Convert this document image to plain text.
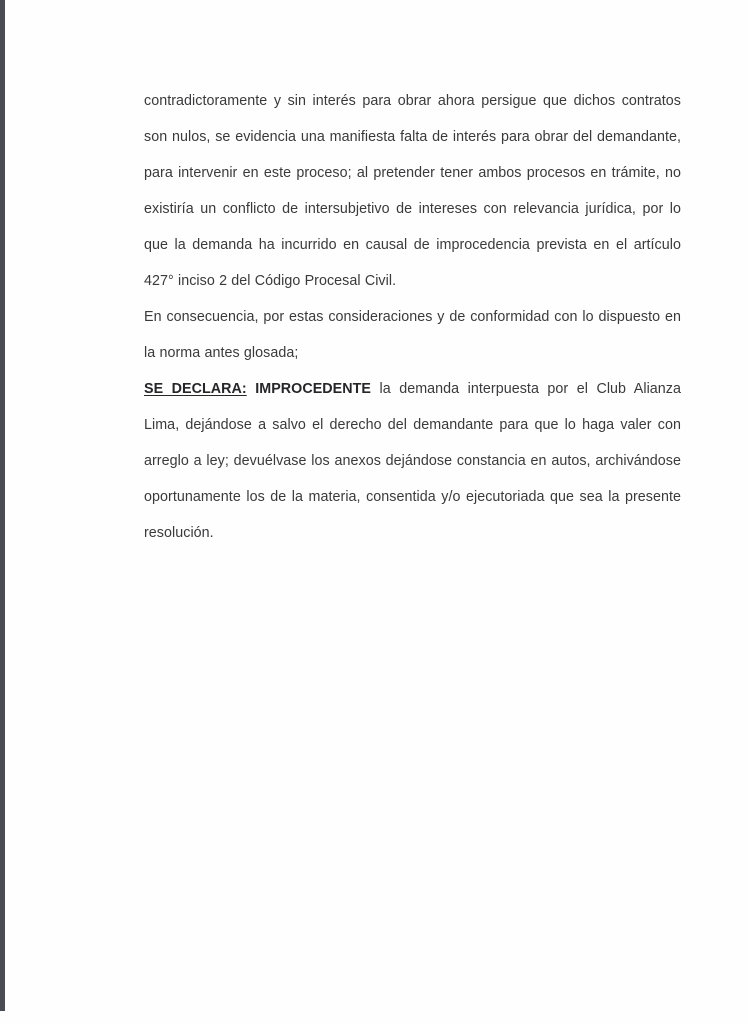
contradictoramente y sin interés para obrar ahora persigue que dichos contratos son nulos, se evidencia una manifiesta falta de interés para obrar del demandante, para intervenir en este proceso; al pretender tener ambos procesos en trámite, no existiría un conflicto de intersubjetivo de intereses con relevancia jurídica, por lo que la demanda ha incurrido en causal de improcedencia prevista en el artículo 427° inciso 2 del Código Procesal Civil.

En consecuencia, por estas consideraciones y de conformidad con lo dispuesto en la norma antes glosada;

SE DECLARA: IMPROCEDENTE la demanda interpuesta por el Club Alianza Lima, dejándose a salvo el derecho del demandante para que lo haga valer con arreglo a ley; devuélvase los anexos dejándose constancia en autos, archivándose oportunamente los de la materia, consentida y/o ejecutoriada que sea la presente resolución.
